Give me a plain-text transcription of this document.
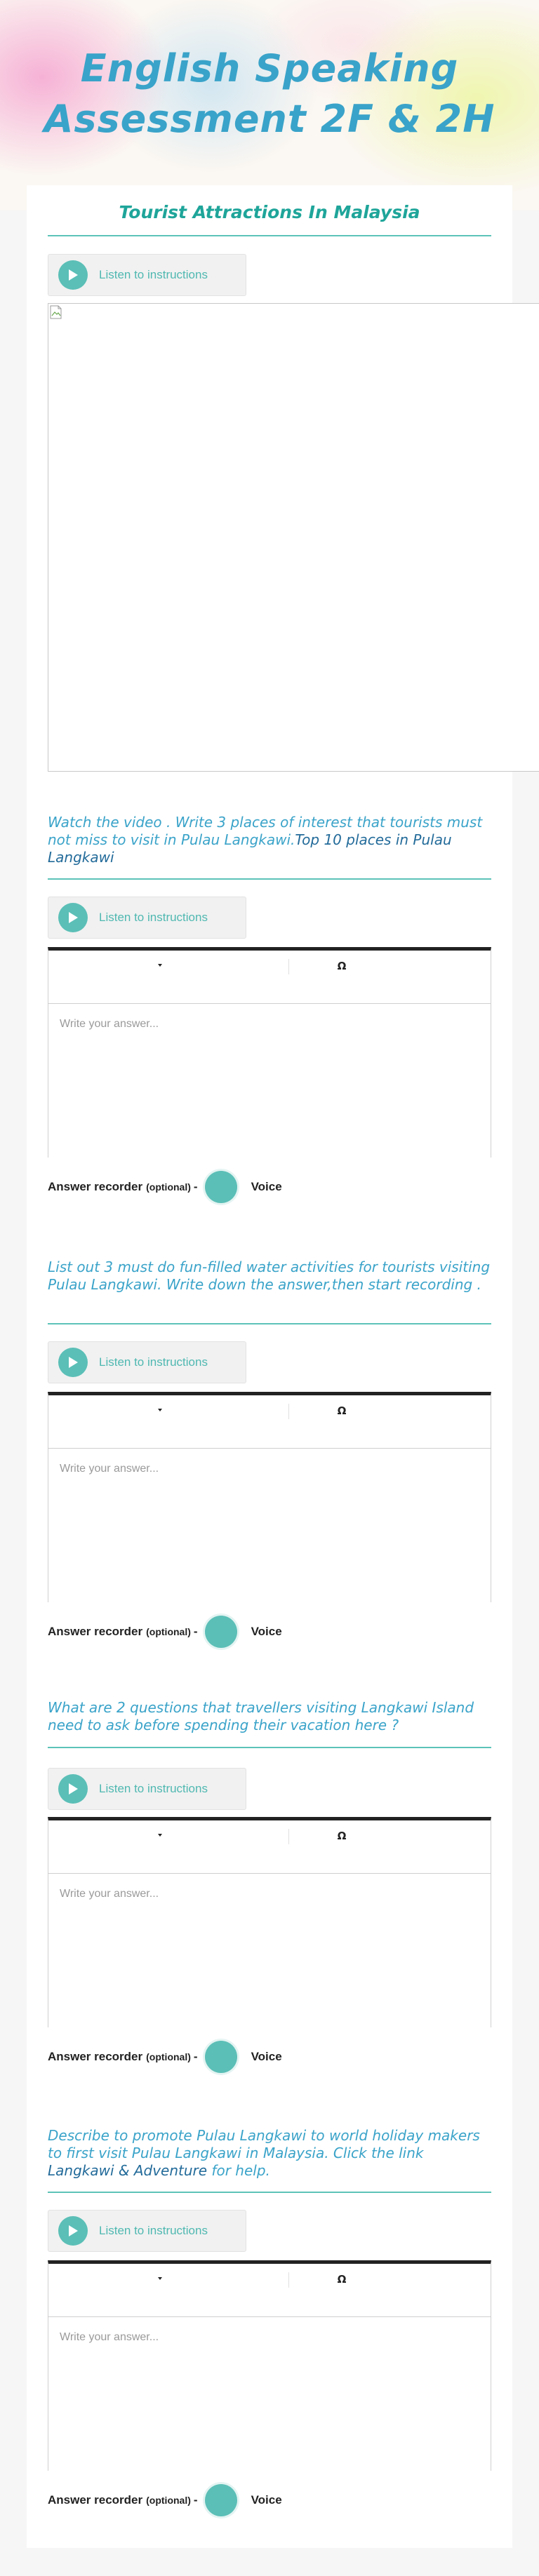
English Speaking Assessment 2F & 2H
Tourist Attractions In Malaysia
Listen to instructions

Watch the video . Write 3 places of interest that tourists must not miss to visit in Pulau Langkawi.Top 10 places in Pulau Langkawi

Listen to instructions
Ω
Write your answer...
Answer recorder (optional) -	Voice

List out 3 must do fun-filled water activities for tourists visiting Pulau Langkawi. Write down the answer,then start recording .

Listen to instructions
Ω
Write your answer...
Answer recorder (optional) -	Voice

What are 2 questions that travellers visiting Langkawi Island need to ask before spending their vacation here ?

Listen to instructions
Ω
Write your answer...
Answer recorder (optional) -	Voice

Describe to promote Pulau Langkawi to world holiday makers to first visit Pulau Langkawi in Malaysia. Click the link Langkawi & Adventure for help.

Listen to instructions
Ω
Write your answer...
Answer recorder (optional) -	Voice
